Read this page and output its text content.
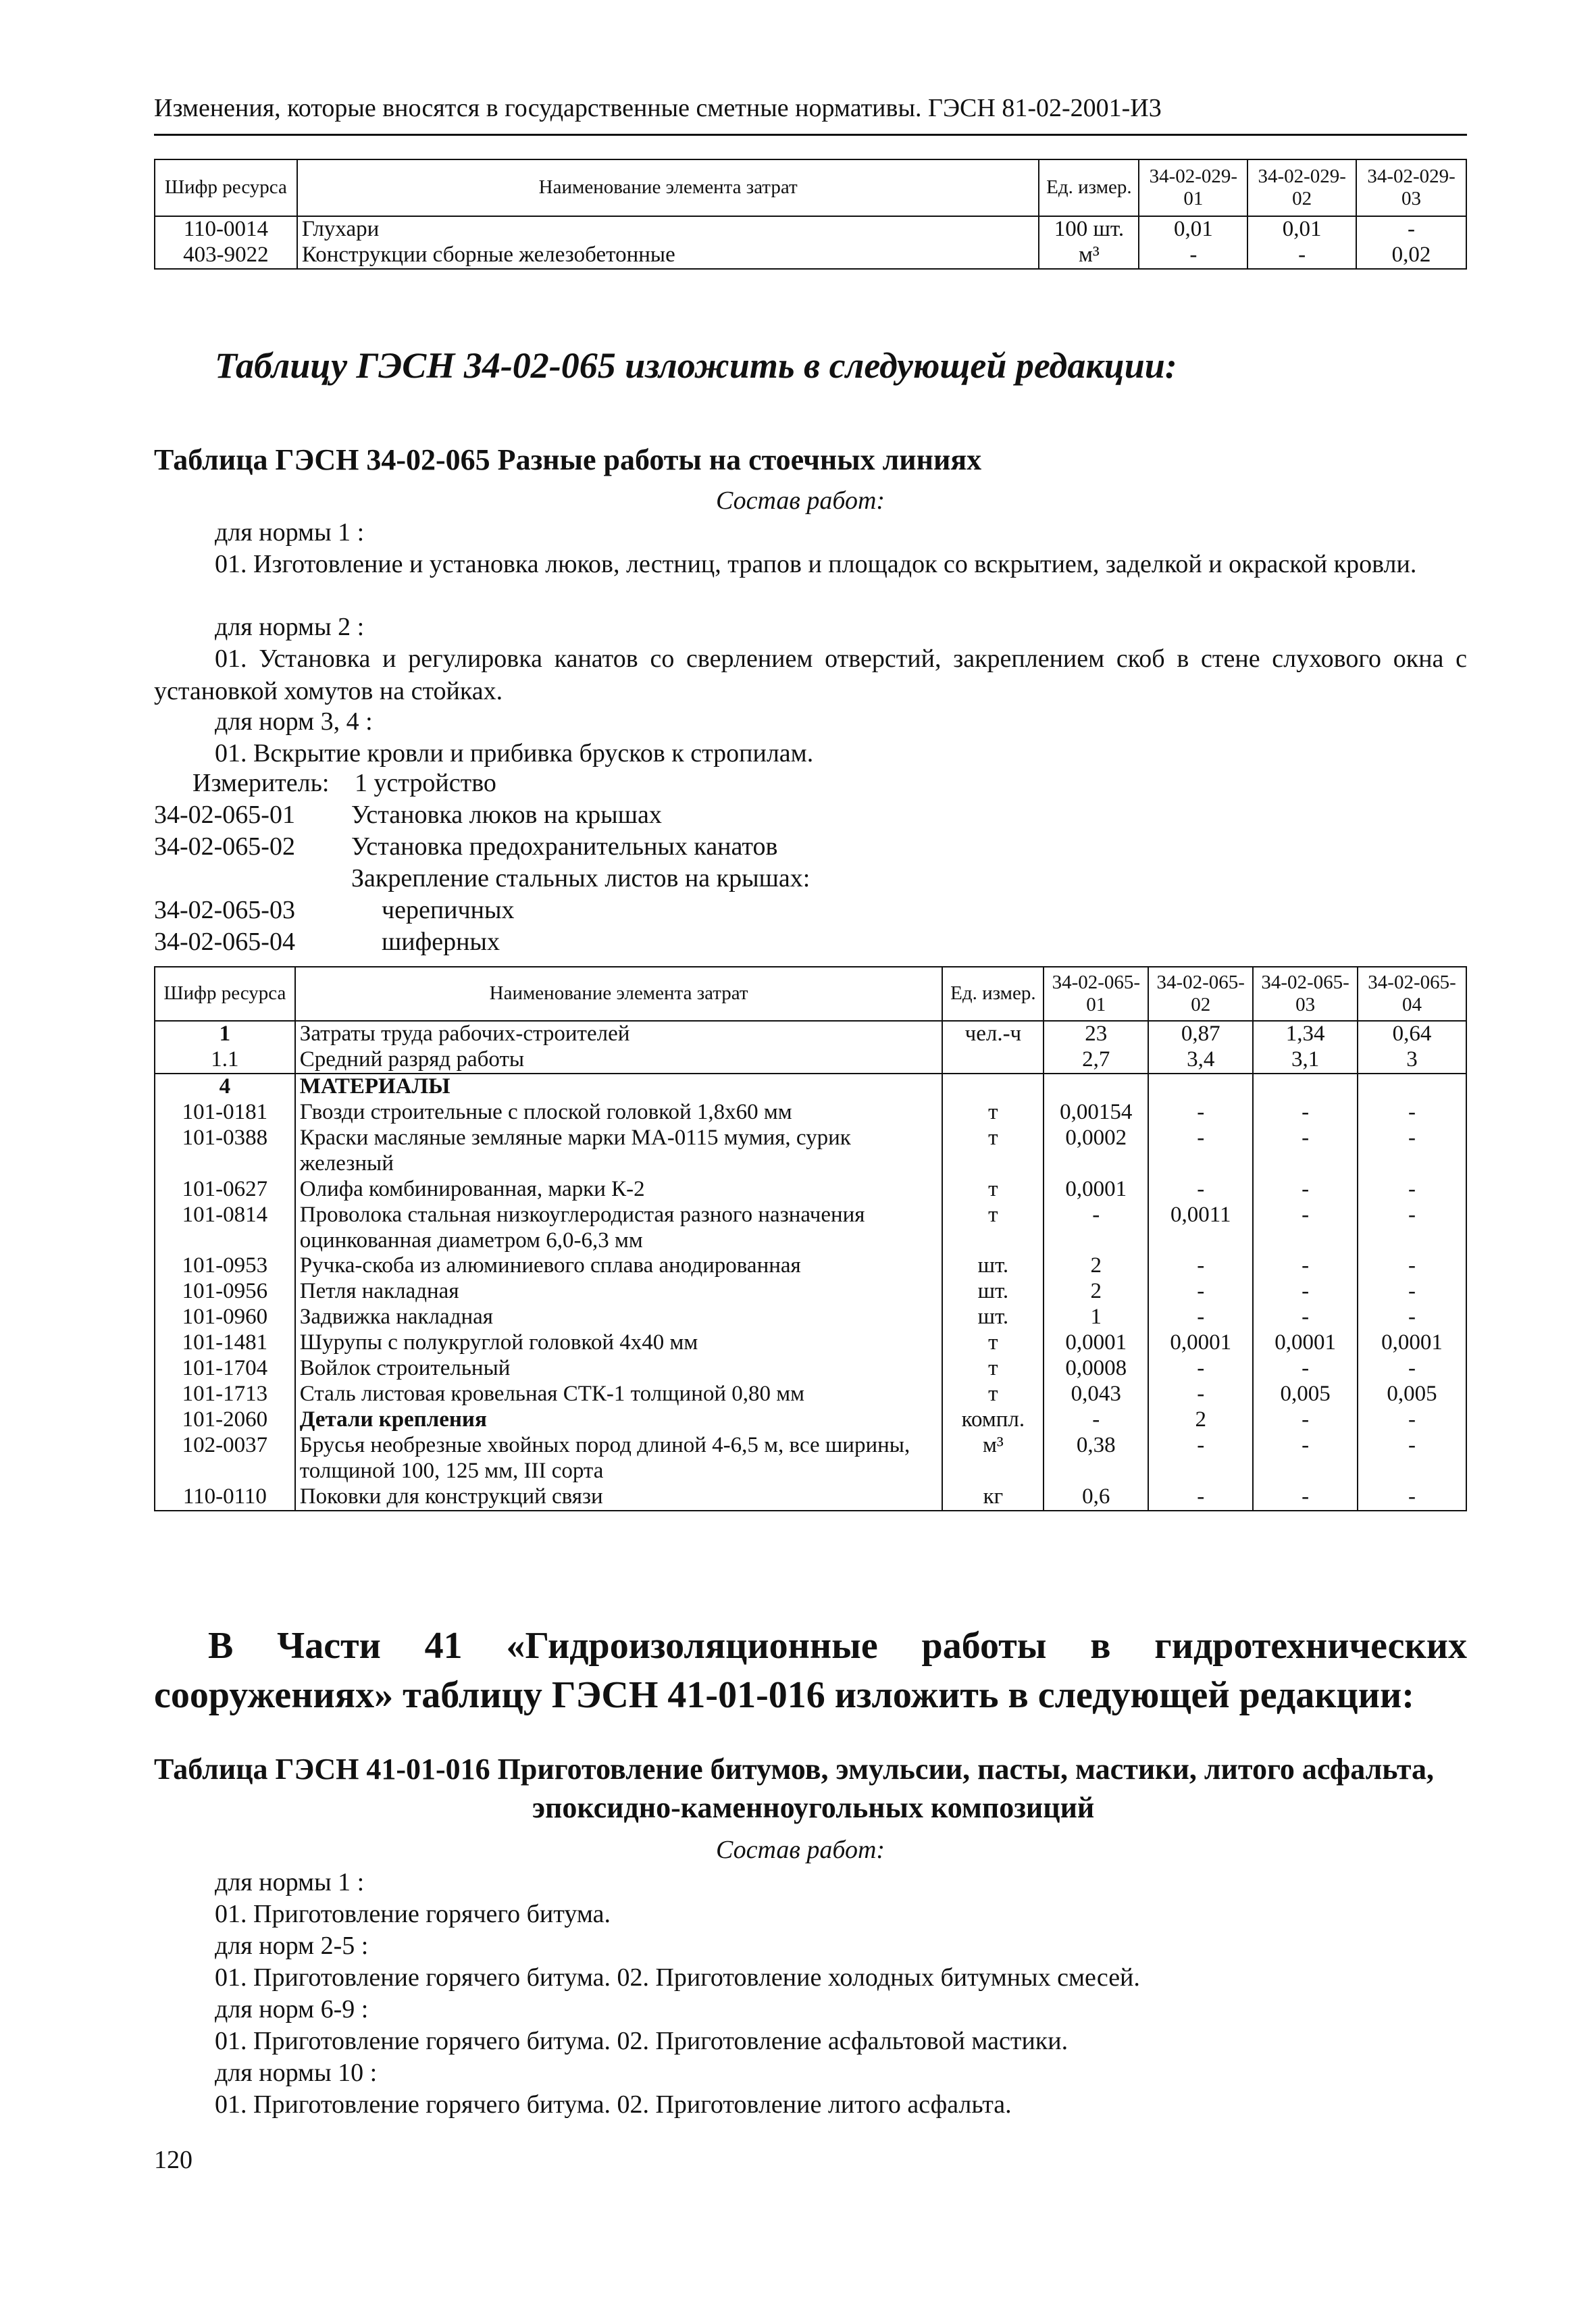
Изменения, которые вносятся в государственные сметные нормативы. ГЭСН 81-02-2001-И3
Шифр ресурса	Наименование элемента затрат	Ед. измер.	34-02-029-01	34-02-029-02	34-02-029-03
110-0014	Глухари	100 шт.	0,01	0,01	-
403-9022	Конструкции сборные железобетонные	м³	-	-	0,02
Таблицу ГЭСН 34-02-065 изложить в следующей редакции:
Таблица ГЭСН 34-02-065 Разные работы на стоечных линиях
Состав работ:
для нормы 1 :
01. Изготовление и установка люков, лестниц, трапов и площадок со вскрытием, заделкой и окраской кровли.
для нормы 2 :
01. Установка и регулировка канатов со сверлением отверстий, закреплением скоб в стене слухового окна с установкой хомутов на стойках.
для норм 3, 4 :
01. Вскрытие кровли и прибивка брусков к стропилам.
Измеритель: 1 устройство
34-02-065-01 Установка люков на крышах
34-02-065-02 Установка предохранительных канатов
Закрепление стальных листов на крышах:
34-02-065-03	черепичных
34-02-065-04	шиферных
Шифр ресурса	Наименование элемента затрат	Ед. измер.	34-02-065-01	34-02-065-02	34-02-065-03	34-02-065-04
1	Затраты труда рабочих-строителей	чел.-ч	23	0,87	1,34	0,64
1.1	Средний разряд работы		2,7	3,4	3,1	3
4	МАТЕРИАЛЫ					
101-0181	Гвозди строительные с плоской головкой 1,8х60 мм	т	0,00154	-	-	-
101-0388	Краски масляные земляные марки МА-0115 мумия, сурик железный	т	0,0002	-	-	-
101-0627	Олифа комбинированная, марки К-2	т	0,0001	-	-	-
101-0814	Проволока стальная низкоуглеродистая разного назначения оцинкованная диаметром 6,0-6,3 мм	т	-	0,0011	-	-
101-0953	Ручка-скоба из алюминиевого сплава анодированная	шт.	2	-	-	-
101-0956	Петля накладная	шт.	2	-	-	-
101-0960	Задвижка накладная	шт.	1	-	-	-
101-1481	Шурупы с полукруглой головкой 4х40 мм	т	0,0001	0,0001	0,0001	0,0001
101-1704	Войлок строительный	т	0,0008	-	-	-
101-1713	Сталь листовая кровельная СТК-1 толщиной 0,80 мм	т	0,043	-	0,005	0,005
101-2060	Детали крепления	компл.	-	2	-	-
102-0037	Брусья необрезные хвойных пород длиной 4-6,5 м, все ширины, толщиной 100, 125 мм, III сорта	м³	0,38	-	-	-
110-0110	Поковки для конструкций связи	кг	0,6	-	-	-
В Части 41 «Гидроизоляционные работы в гидротехнических сооружениях» таблицу ГЭСН 41-01-016 изложить в следующей редакции:
Таблица ГЭСН 41-01-016 Приготовление битумов, эмульсии, пасты, мастики, литого асфальта, эпоксидно-каменноугольных композиций
Состав работ:
для нормы 1 :
01. Приготовление горячего битума.
для норм 2-5 :
01. Приготовление горячего битума. 02. Приготовление холодных битумных смесей.
для норм 6-9 :
01. Приготовление горячего битума. 02. Приготовление асфальтовой мастики.
для нормы 10 :
01. Приготовление горячего битума. 02. Приготовление литого асфальта.
120
